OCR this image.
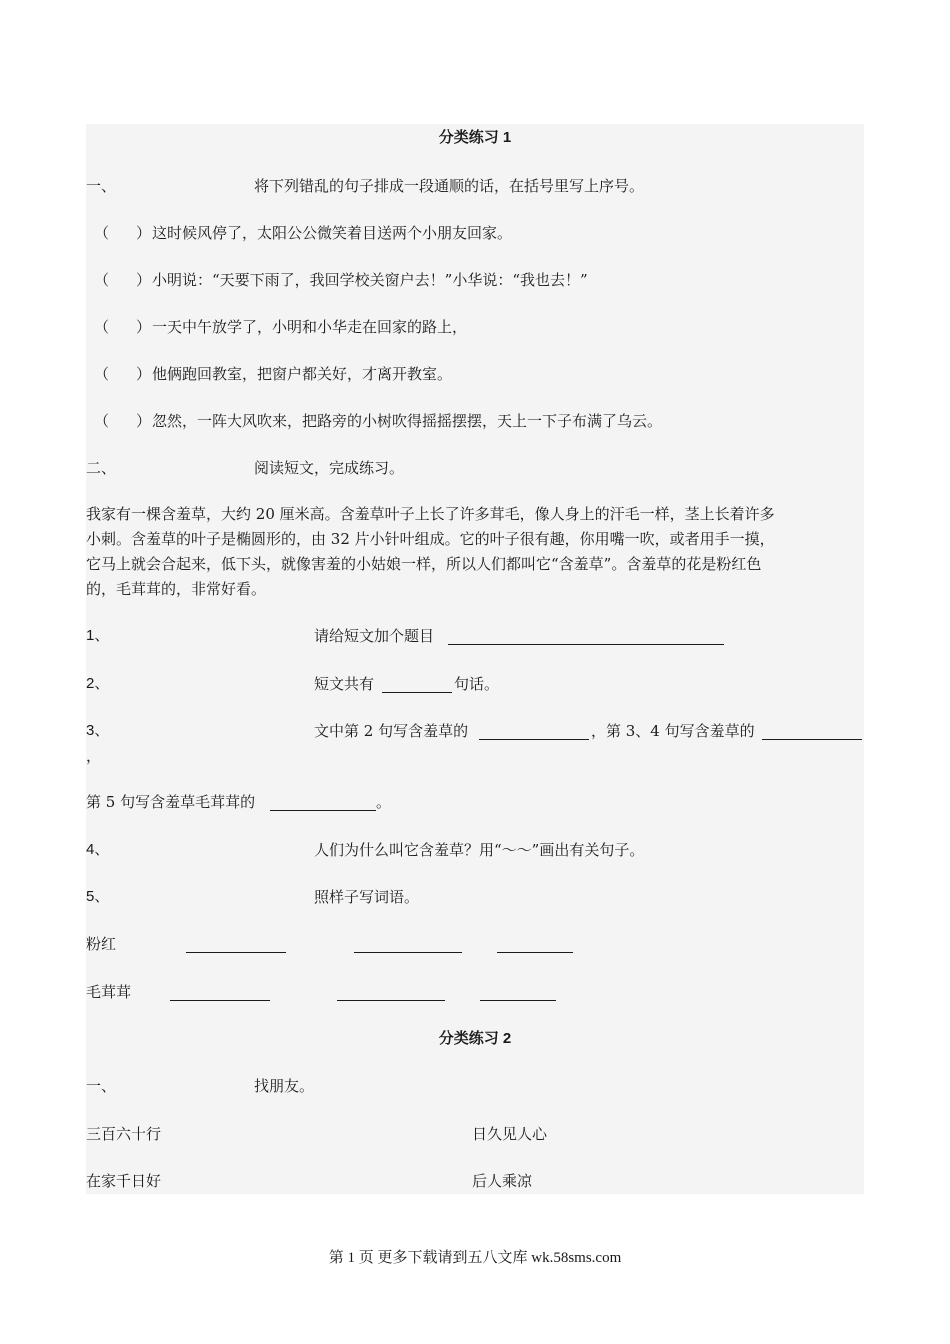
分类练习 1
一、	将下列错乱的句子排成一段通顺的话，在括号里写上序号。
（ ） 这时候风停了，太阳公公微笑着目送两个小朋友回家。
（ ） 小明说：“天要下雨了，我回学校关窗户去！”小华说：“我也去！”
（ ） 一天中午放学了，小明和小华走在回家的路上，
（ ） 他俩跑回教室，把窗户都关好，才离开教室。
（ ） 忽然，一阵大风吹来，把路旁的小树吹得摇摇摆摆，天上一下子布满了乌云。
二、	阅读短文，完成练习。
我家有一棵含羞草，大约 20 厘米高。含羞草叶子上长了许多茸毛，像人身上的汗毛一样，茎上长着许多
小刺。含羞草的叶子是椭圆形的，由 32 片小针叶组成。它的叶子很有趣，你用嘴一吹，或者用手一摸，
它马上就会合起来，低下头，就像害羞的小姑娘一样，所以人们都叫它“含羞草”。含羞草的花是粉红色
的，毛茸茸的，非常好看。
1、	请给短文加个题目
2、	短文共有	句话。
3、	文中第 2 句写含羞草的	，第 3、4 句写含羞草的
，
第 5 句写含羞草毛茸茸的	。
4、	人们为什么叫它含羞草？用“～～”画出有关句子。
5、	照样子写词语。
粉红
毛茸茸
分类练习 2
一、	找朋友。
三百六十行	日久见人心
在家千日好	后人乘凉
第 1 页 更多下载请到五八文库 wk.58sms.com
